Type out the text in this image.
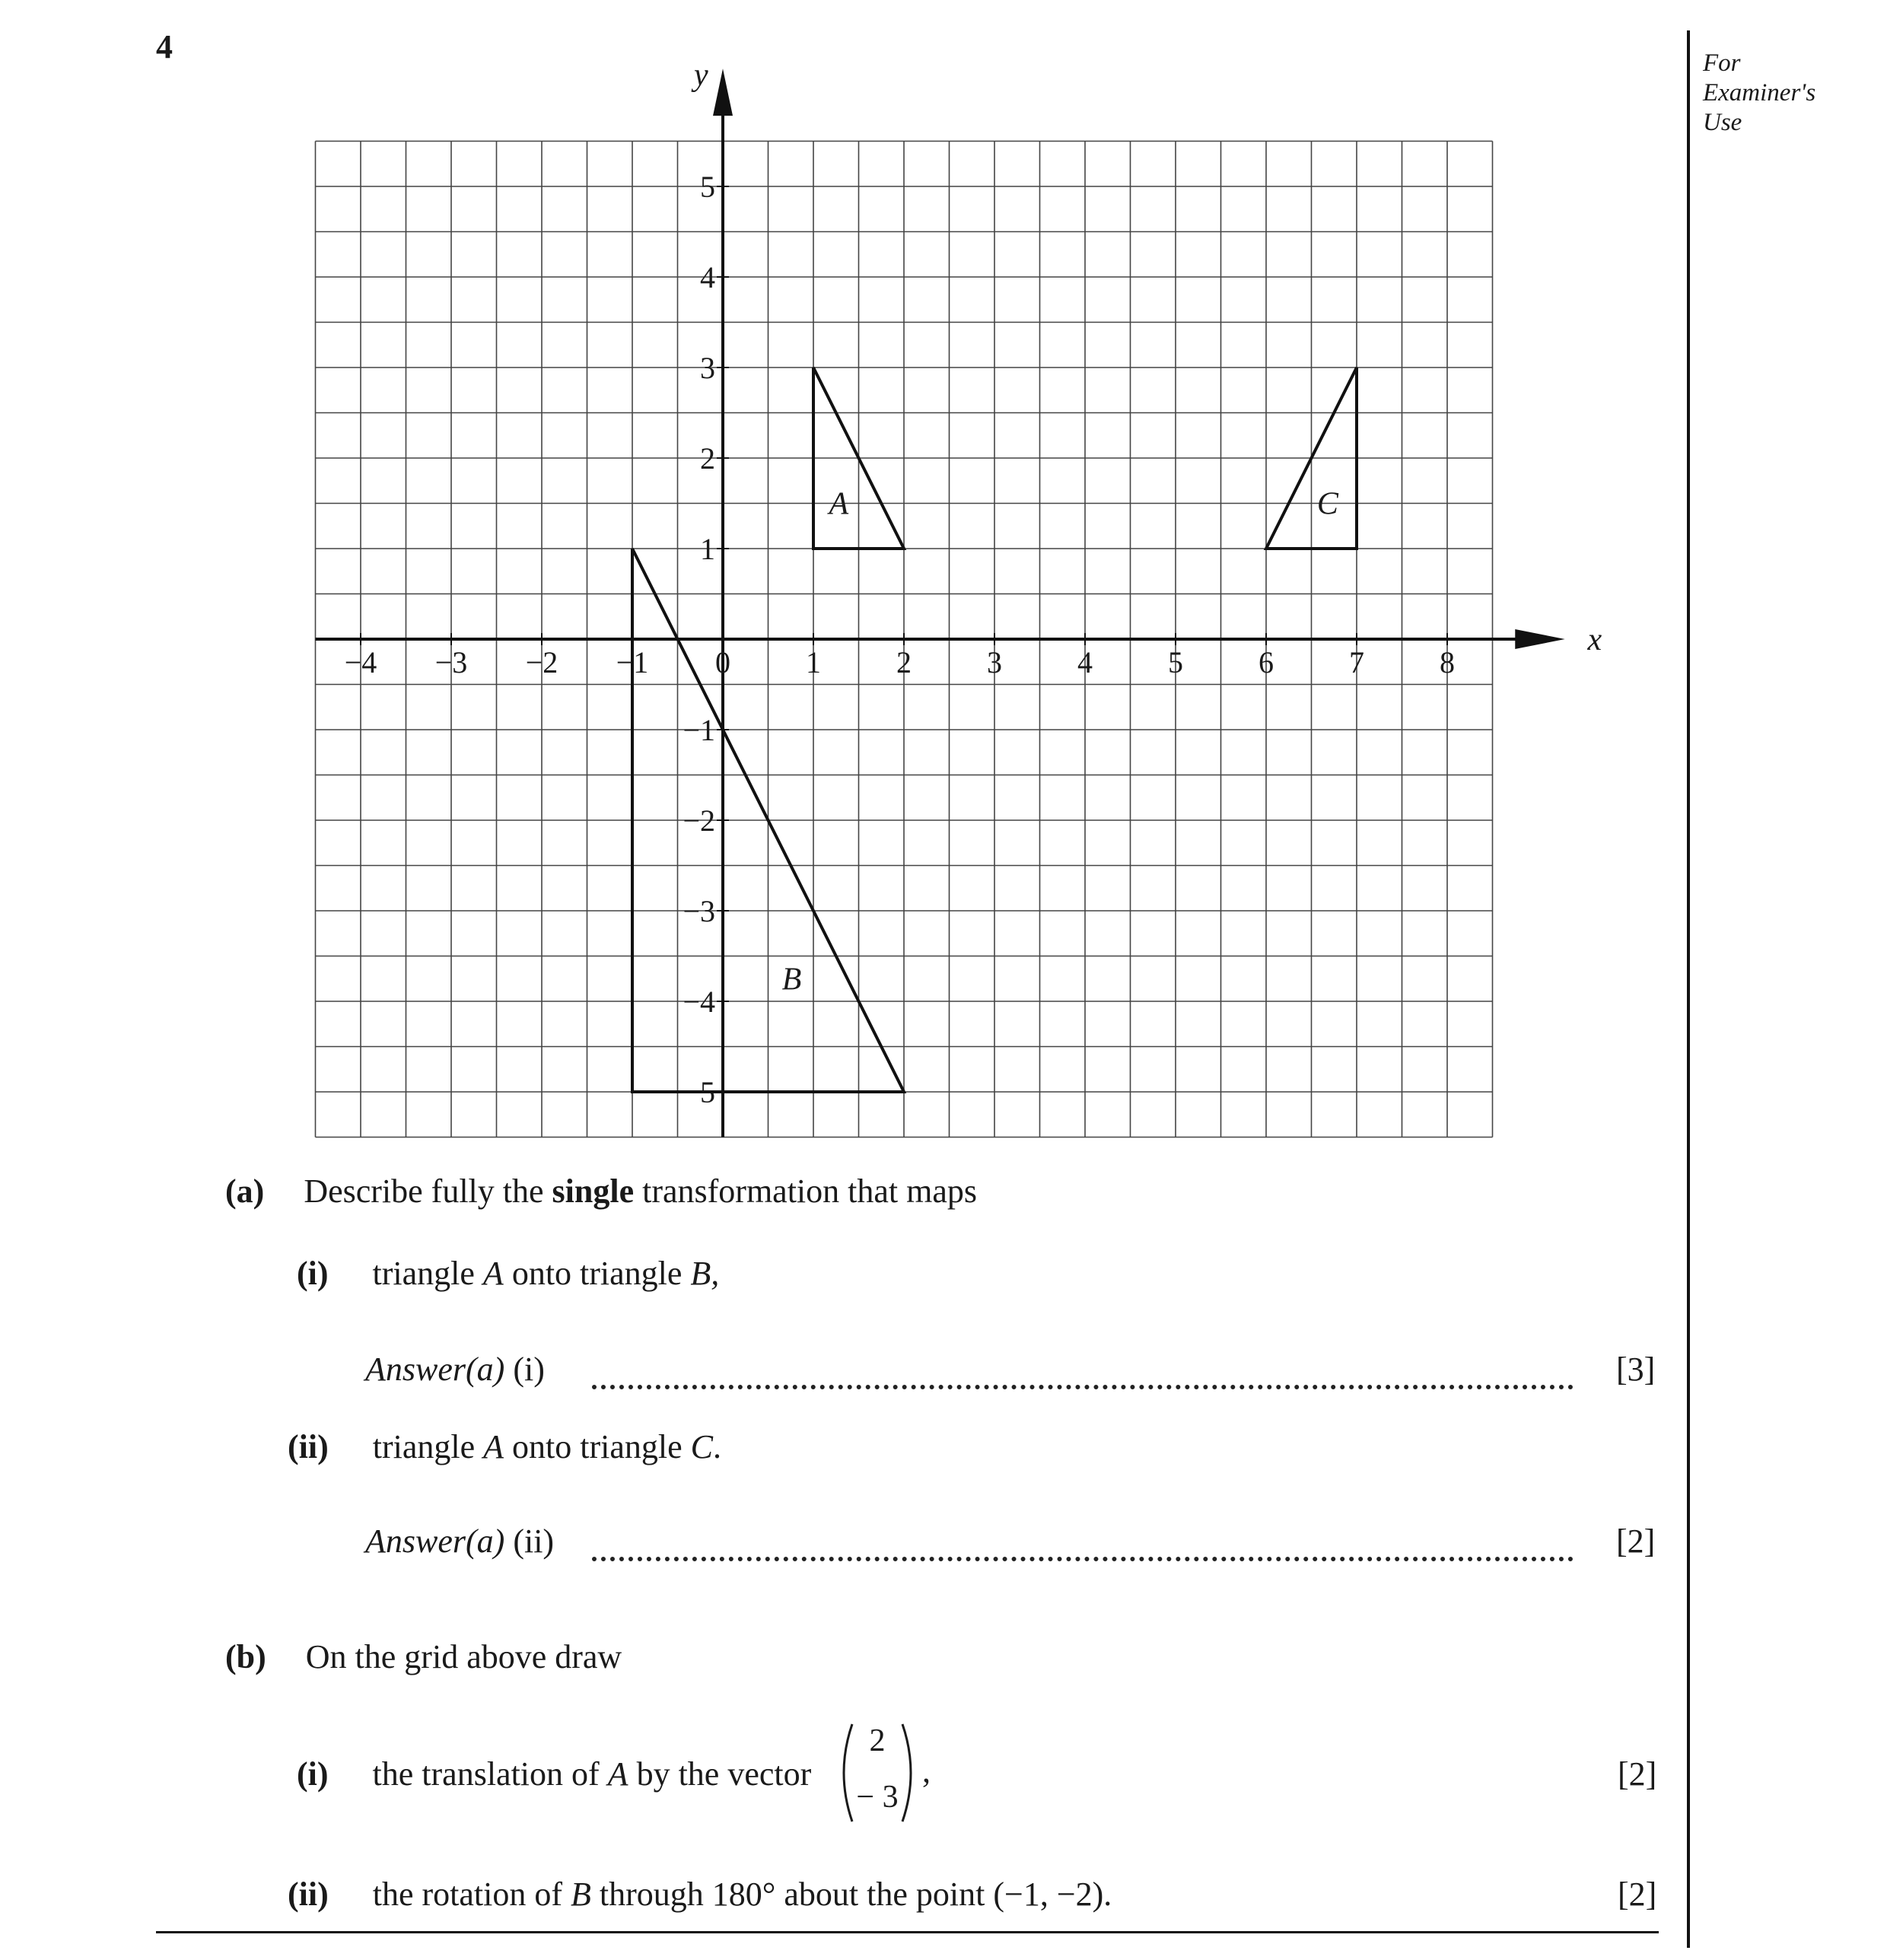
4	For
Examiner's
Use
x
y
−4 −3 −2 −1 0 1 2 3 4 5 6 7 8
5
4
3
2
1
−1
−2
−3
−4
−5
A
B
C
(a) Describe fully the single transformation that maps
(i) triangle A onto triangle B,
Answer(a) (i)	[3]
(ii) triangle A onto triangle C.
Answer(a) (ii)	[2]
(b) On the grid above draw
(i) the translation of A by the vector
2
− 3
,	[2]
(ii) the rotation of B through 180° about the point (−1, −2).	[2]
